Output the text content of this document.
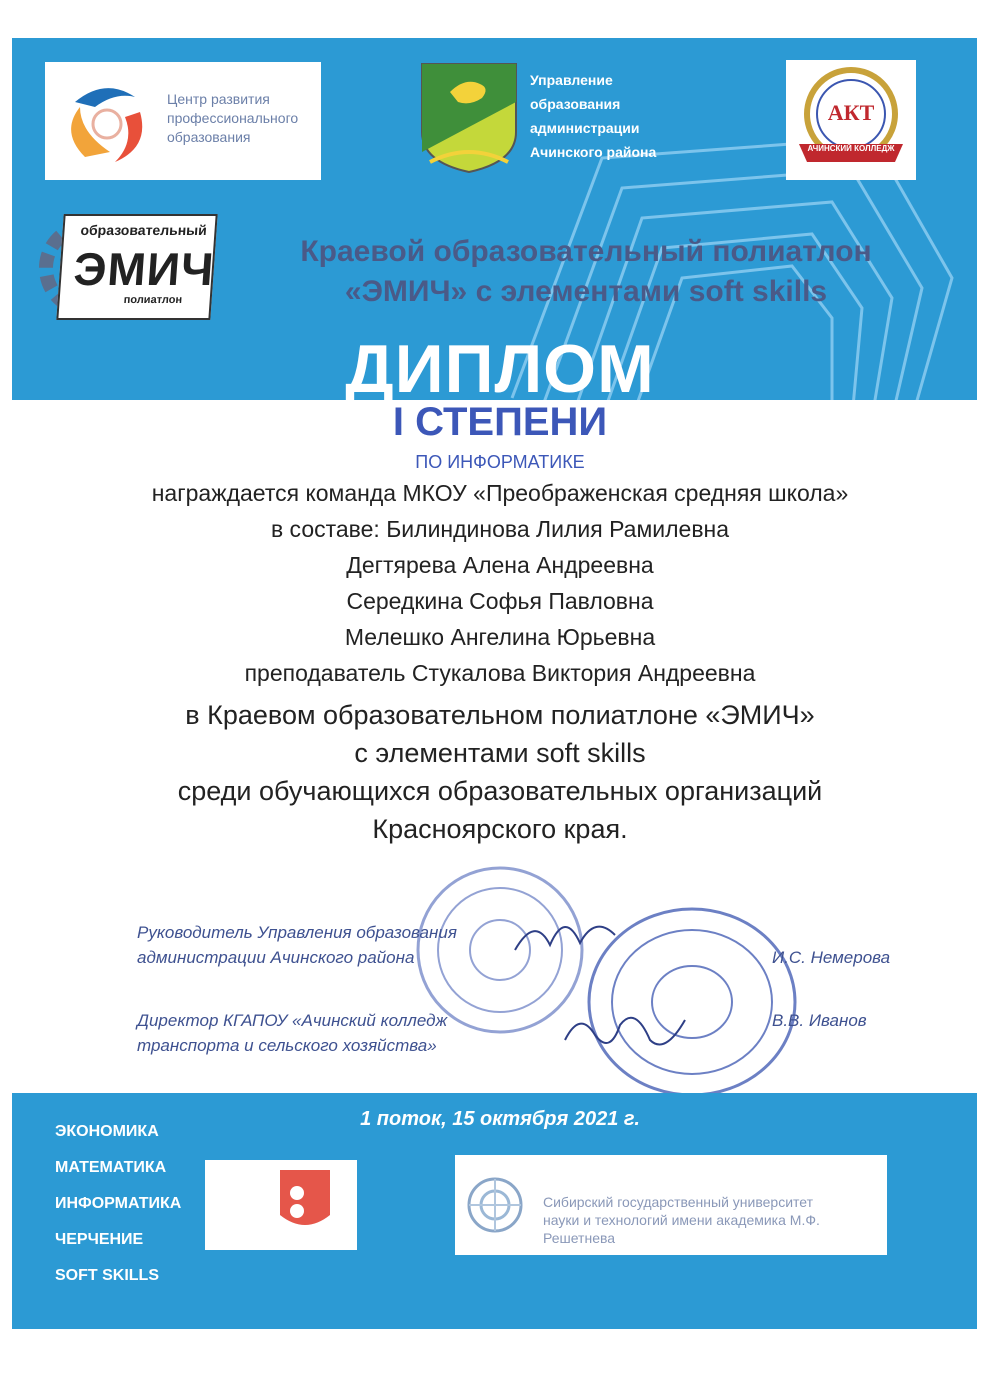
Центр развития
профессионального
образования
Управление
образования
администрации
Ачинского района
АКТ
АЧИНСКИЙ КОЛЛЕДЖ
образовательный
ЭМИЧ
полиатлон
Краевой образовательный полиатлон
«ЭМИЧ» с элементами soft skills
ДИПЛОМ
I СТЕПЕНИ
ПО ИНФОРМАТИКЕ
награждается команда МКОУ «Преображенская средняя школа»
в составе: Билиндинова Лилия Рамилевна
Дегтярева Алена Андреевна
Середкина Софья Павловна
Мелешко Ангелина Юрьевна
преподаватель Стукалова Виктория Андреевна
в Краевом образовательном полиатлоне «ЭМИЧ»
с элементами soft skills
среди обучающихся образовательных организаций
Красноярского края.
Руководитель Управления образования
администрации Ачинского района	И.С. Немерова
Директор КГАПОУ «Ачинский колледж
транспорта и сельского хозяйства»
В.В. Иванов
1 поток, 15 октября 2021 г.
ЭКОНОМИКА
МАТЕМАТИКА
ИНФОРМАТИКА
ЧЕРЧЕНИЕ
SOFT SKILLS
Сибирский государственный университет
науки и технологий имени академика М.Ф. Решетнева
